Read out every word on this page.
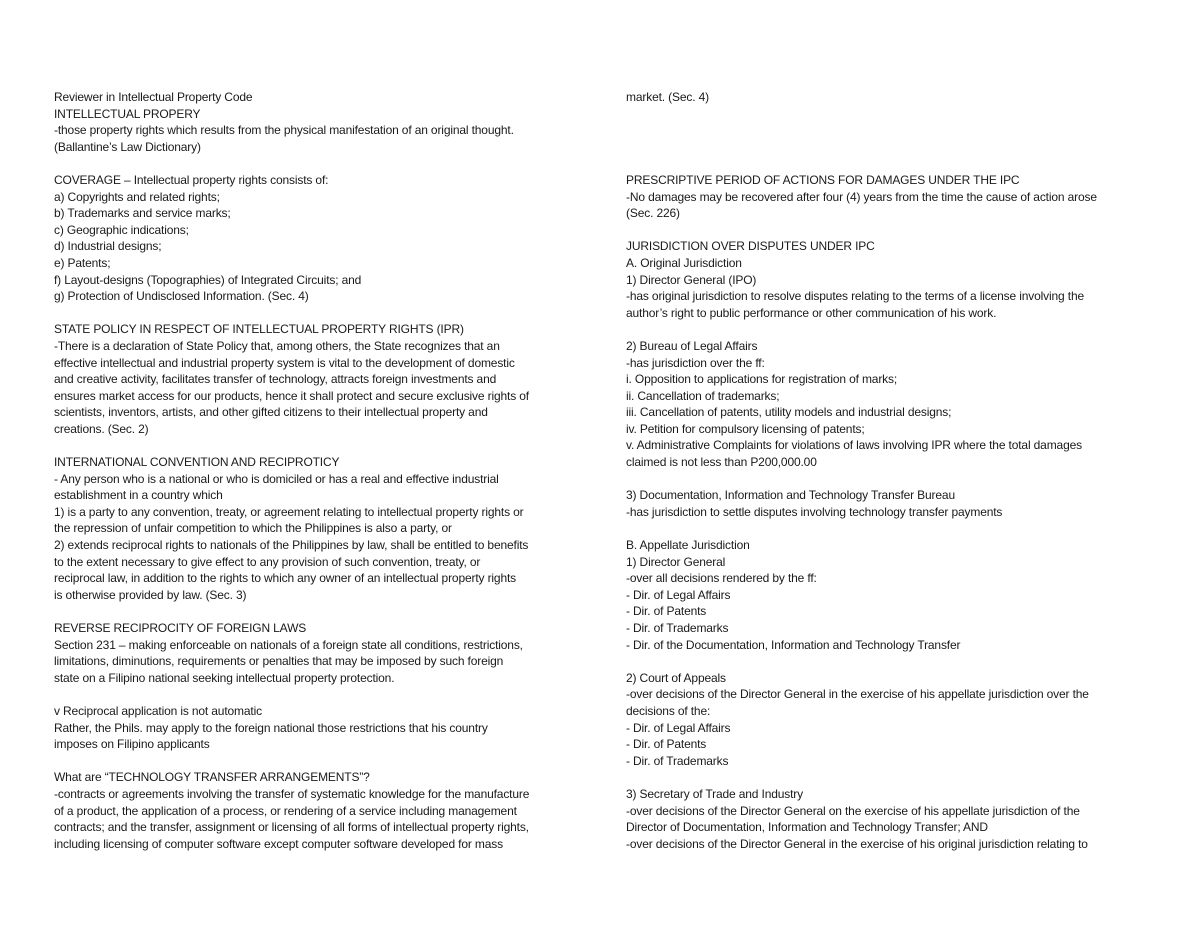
Reviewer in Intellectual Property Code
INTELLECTUAL PROPERY
-those property rights which results from the physical manifestation of an original thought.
(Ballantine’s Law Dictionary)
COVERAGE – Intellectual property rights consists of:
a) Copyrights and related rights;
b) Trademarks and service marks;
c) Geographic indications;
d) Industrial designs;
e) Patents;
f) Layout-designs (Topographies) of Integrated Circuits; and
g) Protection of Undisclosed Information. (Sec. 4)
STATE POLICY IN RESPECT OF INTELLECTUAL PROPERTY RIGHTS (IPR)
-There is a declaration of State Policy that, among others, the State recognizes that an
effective intellectual and industrial property system is vital to the development of domestic
and creative activity, facilitates transfer of technology, attracts foreign investments and
ensures market access for our products, hence it shall protect and secure exclusive rights of
scientists, inventors, artists, and other gifted citizens to their intellectual property and
creations. (Sec. 2)
INTERNATIONAL CONVENTION AND RECIPROTICY
- Any person who is a national or who is domiciled or has a real and effective industrial
establishment in a country which
1) is a party to any convention, treaty, or agreement relating to intellectual property rights or
the repression of unfair competition to which the Philippines is also a party, or
2) extends reciprocal rights to nationals of the Philippines by law, shall be entitled to benefits
to the extent necessary to give effect to any provision of such convention, treaty, or
reciprocal law, in addition to the rights to which any owner of an intellectual property rights
is otherwise provided by law. (Sec. 3)
REVERSE RECIPROCITY OF FOREIGN LAWS
Section 231 – making enforceable on nationals of a foreign state all conditions, restrictions,
limitations, diminutions, requirements or penalties that may be imposed by such foreign
state on a Filipino national seeking intellectual property protection.
v Reciprocal application is not automatic
Rather, the Phils. may apply to the foreign national those restrictions that his country
imposes on Filipino applicants
What are “TECHNOLOGY TRANSFER ARRANGEMENTS”?
-contracts or agreements involving the transfer of systematic knowledge for the manufacture
of a product, the application of a process, or rendering of a service including management
contracts; and the transfer, assignment or licensing of all forms of intellectual property rights,
including licensing of computer software except computer software developed for mass
market. (Sec. 4)
PRESCRIPTIVE PERIOD OF ACTIONS FOR DAMAGES UNDER THE IPC
-No damages may be recovered after four (4) years from the time the cause of action arose
(Sec. 226)
JURISDICTION OVER DISPUTES UNDER IPC
A. Original Jurisdiction
1) Director General (IPO)
-has original jurisdiction to resolve disputes relating to the terms of a license involving the
author’s right to public performance or other communication of his work.
2) Bureau of Legal Affairs
-has jurisdiction over the ff:
i. Opposition to applications for registration of marks;
ii. Cancellation of trademarks;
iii. Cancellation of patents, utility models and industrial designs;
iv. Petition for compulsory licensing of patents;
v. Administrative Complaints for violations of laws involving IPR where the total damages
claimed is not less than P200,000.00
3) Documentation, Information and Technology Transfer Bureau
-has jurisdiction to settle disputes involving technology transfer payments
B. Appellate Jurisdiction
1) Director General
-over all decisions rendered by the ff:
- Dir. of Legal Affairs
- Dir. of Patents
- Dir. of Trademarks
- Dir. of the Documentation, Information and Technology Transfer
2) Court of Appeals
-over decisions of the Director General in the exercise of his appellate jurisdiction over the
decisions of the:
- Dir. of Legal Affairs
- Dir. of Patents
- Dir. of Trademarks
3) Secretary of Trade and Industry
-over decisions of the Director General on the exercise of his appellate jurisdiction of the
Director of Documentation, Information and Technology Transfer; AND
-over decisions of the Director General in the exercise of his original jurisdiction relating to
